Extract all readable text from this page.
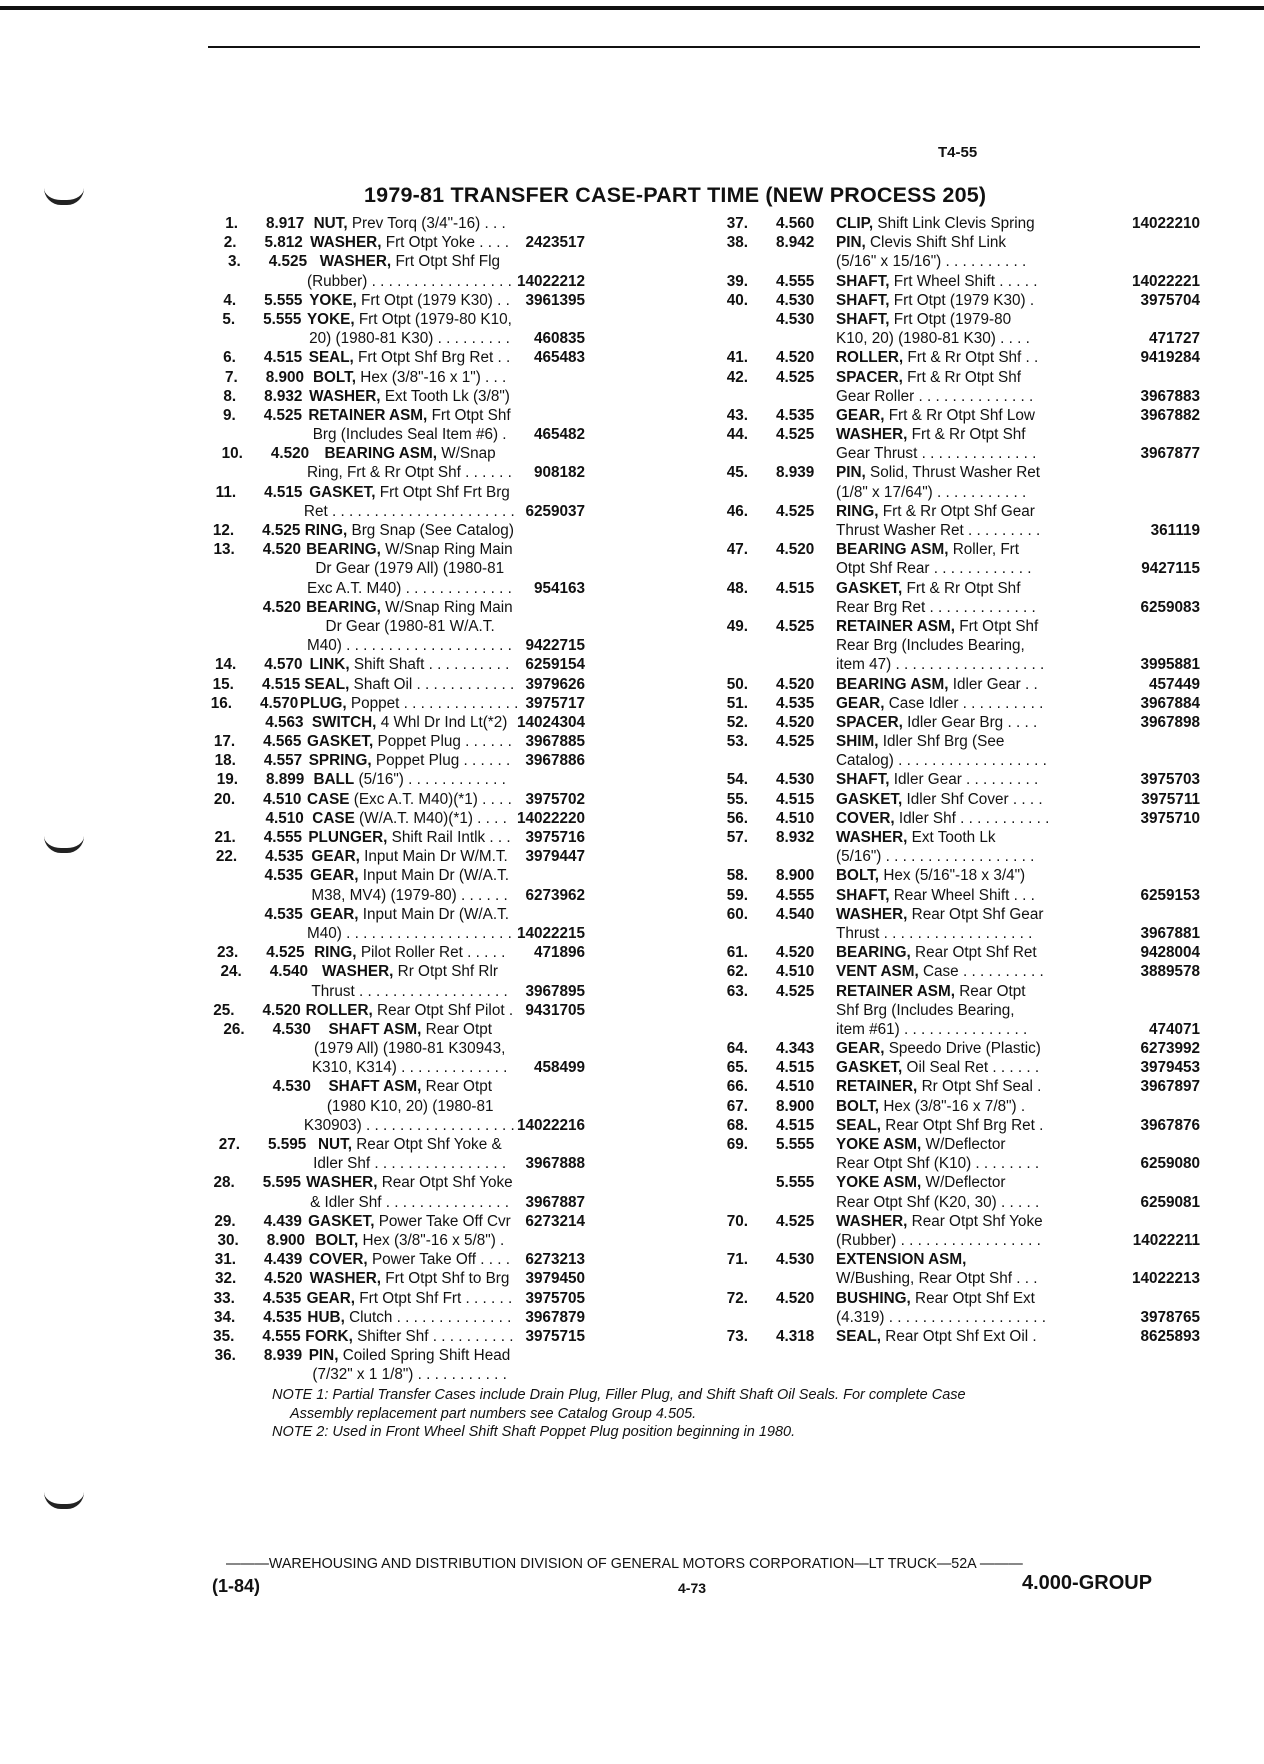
T4-55
1979-81 TRANSFER CASE-PART TIME (NEW PROCESS 205)
1.	8.917 NUT, Prev Torq (3/4"-16) . . .
2.	5.812 WASHER, Frt Otpt Yoke . . . .	2423517
3.	4.525 WASHER, Frt Otpt Shf Flg
(Rubber) . . . . . . . . . . . . . . . . . 14022212
4.	5.555 YOKE, Frt Otpt (1979 K30) . .	3961395
5.	5.555 YOKE, Frt Otpt (1979-80 K10,
20) (1980-81 K30) . . . . . . . . .	460835
6.	4.515 SEAL, Frt Otpt Shf Brg Ret . .	465483
7.	8.900 BOLT, Hex (3/8"-16 x 1") . . .
8.	8.932 WASHER, Ext Tooth Lk (3/8")
9.	4.525 RETAINER ASM, Frt Otpt Shf
Brg (Includes Seal Item #6) .	465482
10.	4.520	BEARING ASM, W/Snap
Ring, Frt & Rr Otpt Shf . . . . . .	908182
11.	4.515 GASKET, Frt Otpt Shf Frt Brg
Ret . . . . . . . . . . . . . . . . . . . . . . 6259037
12.	4.525 RING, Brg Snap (See Catalog)
13.	4.520 BEARING, W/Snap Ring Main
Dr Gear (1979 All) (1980-81
Exc A.T. M40) . . . . . . . . . . . . .	954163
4.520 BEARING, W/Snap Ring Main
Dr Gear (1980-81 W/A.T.
M40) . . . . . . . . . . . . . . . . . . . . 9422715
14.	4.570 LINK, Shift Shaft . . . . . . . . . .	6259154
15.	4.515 SEAL, Shaft Oil . . . . . . . . . . . . 3979626
16.	4.570 PLUG, Poppet . . . . . . . . . . . . . . 3975717
4.563 SWITCH, 4 Whl Dr Ind Lt(*2) 14024304
17.	4.565 GASKET, Poppet Plug . . . . . . 3967885
18.	4.557 SPRING, Poppet Plug . . . . . . 3967886
19.	8.899 BALL (5/16") . . . . . . . . . . . .
20.	4.510 CASE (Exc A.T. M40)(*1) . . . . 3975702
4.510 CASE (W/A.T. M40)(*1) . . . . 14022220
21.	4.555 PLUNGER, Shift Rail Intlk . . . 3975716
22.	4.535 GEAR, Input Main Dr W/M.T.	3979447
4.535 GEAR, Input Main Dr (W/A.T.
M38, MV4) (1979-80) . . . . . .	6273962
4.535 GEAR, Input Main Dr (W/A.T.
M40) . . . . . . . . . . . . . . . . . . . . 14022215
23.	4.525 RING, Pilot Roller Ret . . . . .	471896
24.	4.540 WASHER, Rr Otpt Shf Rlr
Thrust . . . . . . . . . . . . . . . . . .	3967895
25.	4.520 ROLLER, Rear Otpt Shf Pilot . 9431705
26.	4.530	SHAFT ASM, Rear Otpt
(1979 All) (1980-81 K30943,
K310, K314) . . . . . . . . . . . . .	458499
4.530	SHAFT ASM, Rear Otpt
(1980 K10, 20) (1980-81
K30903) . . . . . . . . . . . . . . . . . . 14022216
27.	5.595 NUT, Rear Otpt Shf Yoke &
Idler Shf . . . . . . . . . . . . . . . .	3967888
28.	5.595 WASHER, Rear Otpt Shf Yoke
& Idler Shf . . . . . . . . . . . . . . .	3967887
29.	4.439 GASKET, Power Take Off Cvr 6273214
30.	8.900 BOLT, Hex (3/8"-16 x 5/8") .
31.	4.439 COVER, Power Take Off . . . .	6273213
32.	4.520 WASHER, Frt Otpt Shf to Brg	3979450
33.	4.535 GEAR, Frt Otpt Shf Frt . . . . . . 3975705
34.	4.535 HUB, Clutch . . . . . . . . . . . . . . 3967879
35.	4.555 FORK, Shifter Shf . . . . . . . . . . 3975715
36.	8.939 PIN, Coiled Spring Shift Head
(7/32" x 1 1/8") . . . . . . . . . . .
37.	4.560	CLIP, Shift Link Clevis Spring	14022210
38.	8.942	PIN, Clevis Shift Shf Link
(5/16" x 15/16") . . . . . . . . . .
39.	4.555	SHAFT, Frt Wheel Shift . . . . .	14022221
40.	4.530	SHAFT, Frt Otpt (1979 K30) .	3975704
4.530	SHAFT, Frt Otpt (1979-80
K10, 20) (1980-81 K30) . . . .	471727
41.	4.520	ROLLER, Frt & Rr Otpt Shf . .	9419284
42.	4.525	SPACER, Frt & Rr Otpt Shf
Gear Roller . . . . . . . . . . . . . .	3967883
43.	4.535	GEAR, Frt & Rr Otpt Shf Low	3967882
44.	4.525	WASHER, Frt & Rr Otpt Shf
Gear Thrust . . . . . . . . . . . . . .	3967877
45.	8.939	PIN, Solid, Thrust Washer Ret
(1/8" x 17/64") . . . . . . . . . . .
46.	4.525	RING, Frt & Rr Otpt Shf Gear
Thrust Washer Ret . . . . . . . . .	361119
47.	4.520	BEARING ASM, Roller, Frt
Otpt Shf Rear . . . . . . . . . . . .	9427115
48.	4.515	GASKET, Frt & Rr Otpt Shf
Rear Brg Ret . . . . . . . . . . . . .	6259083
49.	4.525	RETAINER ASM, Frt Otpt Shf
Rear Brg (Includes Bearing,
item 47) . . . . . . . . . . . . . . . . . .	3995881
50.	4.520	BEARING ASM, Idler Gear . .	457449
51.	4.535	GEAR, Case Idler . . . . . . . . . .	3967884
52.	4.520	SPACER, Idler Gear Brg . . . .	3967898
53.	4.525	SHIM, Idler Shf Brg (See
Catalog) . . . . . . . . . . . . . . . . . .
54.	4.530	SHAFT, Idler Gear . . . . . . . . .	3975703
55.	4.515	GASKET, Idler Shf Cover . . . .	3975711
56.	4.510	COVER, Idler Shf . . . . . . . . . . .	3975710
57.	8.932	WASHER, Ext Tooth Lk
(5/16") . . . . . . . . . . . . . . . . . .
58.	8.900	BOLT, Hex (5/16"-18 x 3/4")
59.	4.555	SHAFT, Rear Wheel Shift . . .	6259153
60.	4.540	WASHER, Rear Otpt Shf Gear
Thrust . . . . . . . . . . . . . . . . . .	3967881
61.	4.520	BEARING, Rear Otpt Shf Ret	9428004
62.	4.510	VENT ASM, Case . . . . . . . . . .	3889578
63.	4.525	RETAINER ASM, Rear Otpt
Shf Brg (Includes Bearing,
item #61) . . . . . . . . . . . . . . .	474071
64.	4.343	GEAR, Speedo Drive (Plastic)	6273992
65.	4.515	GASKET, Oil Seal Ret . . . . . .	3979453
66.	4.510	RETAINER, Rr Otpt Shf Seal .	3967897
67.	8.900	BOLT, Hex (3/8"-16 x 7/8") .
68.	4.515	SEAL, Rear Otpt Shf Brg Ret .	3967876
69.	5.555	YOKE ASM, W/Deflector
Rear Otpt Shf (K10) . . . . . . . .	6259080
5.555	YOKE ASM, W/Deflector
Rear Otpt Shf (K20, 30) . . . . .	6259081
70.	4.525	WASHER, Rear Otpt Shf Yoke
(Rubber) . . . . . . . . . . . . . . . . .	14022211
71.	4.530	EXTENSION ASM,
W/Bushing, Rear Otpt Shf . . .	14022213
72.	4.520	BUSHING, Rear Otpt Shf Ext
(4.319) . . . . . . . . . . . . . . . . . . .	3978765
73.	4.318	SEAL, Rear Otpt Shf Ext Oil .	8625893
NOTE 1: Partial Transfer Cases include Drain Plug, Filler Plug, and Shift Shaft Oil Seals. For complete Case
Assembly replacement part numbers see Catalog Group 4.505.
NOTE 2: Used in Front Wheel Shift Shaft Poppet Plug position beginning in 1980.
———WAREHOUSING AND DISTRIBUTION DIVISION OF GENERAL MOTORS CORPORATION—LT TRUCK—52A ———
(1-84)	4-73	4.000-GROUP
